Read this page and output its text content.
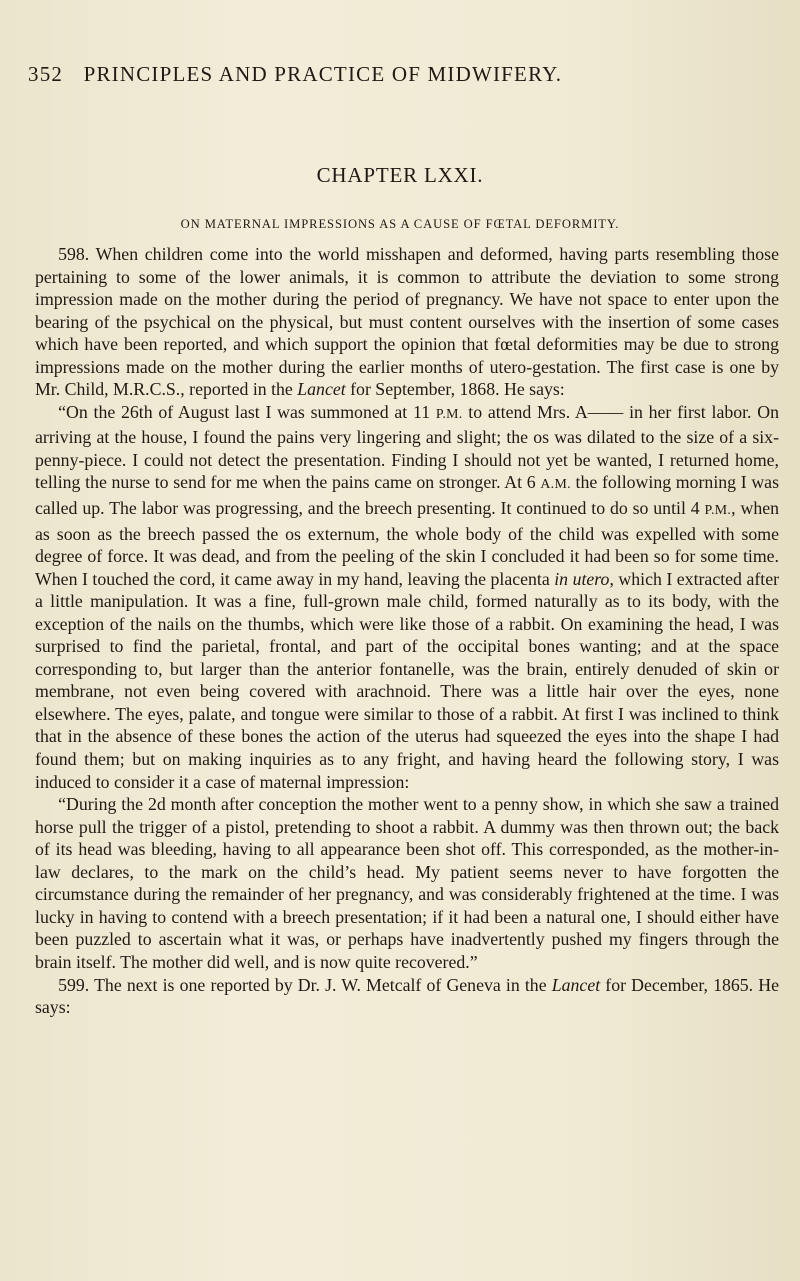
352 PRINCIPLES AND PRACTICE OF MIDWIFERY.
CHAPTER LXXI.
ON MATERNAL IMPRESSIONS AS A CAUSE OF FŒTAL DEFORMITY.

598. When children come into the world misshapen and deformed, having parts resembling those pertaining to some of the lower animals, it is common to attribute the deviation to some strong impression made on the mother during the period of pregnancy. We have not space to enter upon the bearing of the psychical on the physical, but must content ourselves with the insertion of some cases which have been reported, and which support the opinion that fœtal deformities may be due to strong impressions made on the mother during the earlier months of utero-gestation. The first case is one by Mr. Child, M.R.C.S., reported in the Lancet for September, 1868. He says:

“On the 26th of August last I was summoned at 11 P.M. to attend Mrs. A—— in her first labor. On arriving at the house, I found the pains very lingering and slight; the os was dilated to the size of a six-penny-piece. I could not detect the presentation. Finding I should not yet be wanted, I returned home, telling the nurse to send for me when the pains came on stronger. At 6 A.M. the following morning I was called up. The labor was progressing, and the breech presenting. It continued to do so until 4 P.M., when as soon as the breech passed the os externum, the whole body of the child was expelled with some degree of force. It was dead, and from the peeling of the skin I concluded it had been so for some time. When I touched the cord, it came away in my hand, leaving the placenta in utero, which I extracted after a little manipulation. It was a fine, full-grown male child, formed naturally as to its body, with the exception of the nails on the thumbs, which were like those of a rabbit. On examining the head, I was surprised to find the parietal, frontal, and part of the occipital bones wanting; and at the space corresponding to, but larger than the anterior fontanelle, was the brain, entirely denuded of skin or membrane, not even being covered with arachnoid. There was a little hair over the eyes, none elsewhere. The eyes, palate, and tongue were similar to those of a rabbit. At first I was inclined to think that in the absence of these bones the action of the uterus had squeezed the eyes into the shape I had found them; but on making inquiries as to any fright, and having heard the following story, I was induced to consider it a case of maternal impression:

“During the 2d month after conception the mother went to a penny show, in which she saw a trained horse pull the trigger of a pistol, pretending to shoot a rabbit. A dummy was then thrown out; the back of its head was bleeding, having to all appearance been shot off. This corresponded, as the mother-in-law declares, to the mark on the child’s head. My patient seems never to have forgotten the circumstance during the remainder of her pregnancy, and was considerably frightened at the time. I was lucky in having to contend with a breech presentation; if it had been a natural one, I should either have been puzzled to ascertain what it was, or perhaps have inadvertently pushed my fingers through the brain itself. The mother did well, and is now quite recovered.”

599. The next is one reported by Dr. J. W. Metcalf of Geneva in the Lancet for December, 1865. He says:
